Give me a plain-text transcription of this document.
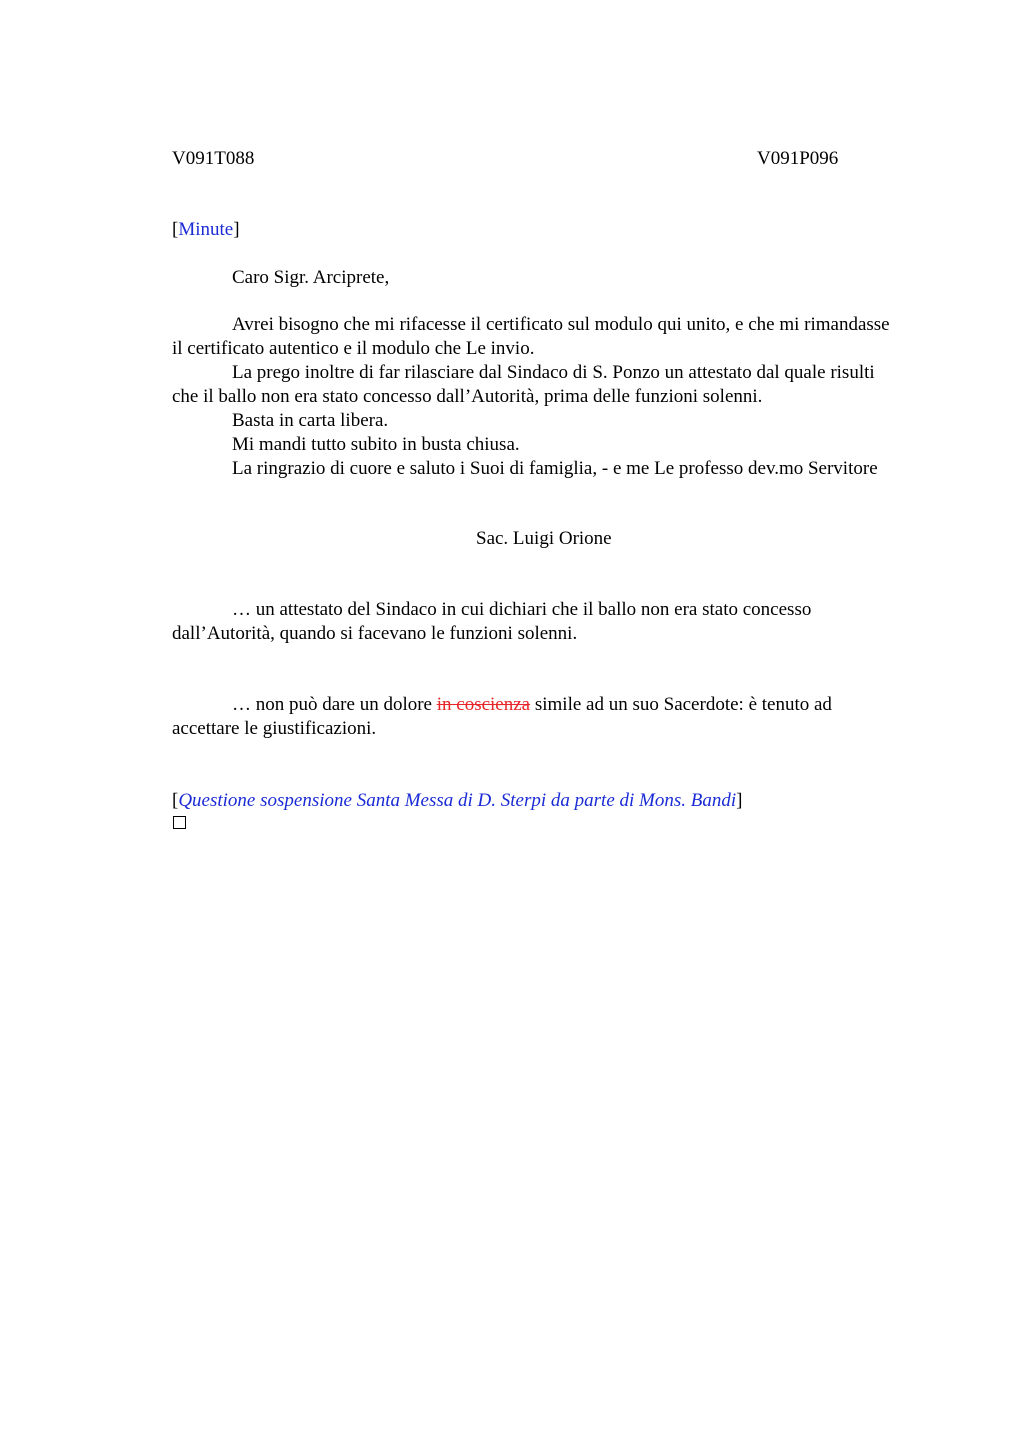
V091T088	V091P096
[Minute]
Caro Sigr. Arciprete,

Avrei bisogno che mi rifacesse il certificato sul modulo qui unito, e che mi rimandasse il certificato autentico e il modulo che Le invio.

La prego inoltre di far rilasciare dal Sindaco di S. Ponzo un attestato dal quale risulti che il ballo non era stato concesso dall’Autorità, prima delle funzioni solenni.

Basta in carta libera.

Mi mandi tutto subito in busta chiusa.

La ringrazio di cuore e saluto i Suoi di famiglia, - e me Le professo dev.mo Servitore

Sac. Luigi Orione

… un attestato del Sindaco in cui dichiari che il ballo non era stato concesso dall’Autorità, quando si facevano le funzioni solenni.

… non può dare un dolore in coscienza simile ad un suo Sacerdote: è tenuto ad accettare le giustificazioni.

[Questione sospensione Santa Messa di D. Sterpi da parte di Mons. Bandi]
